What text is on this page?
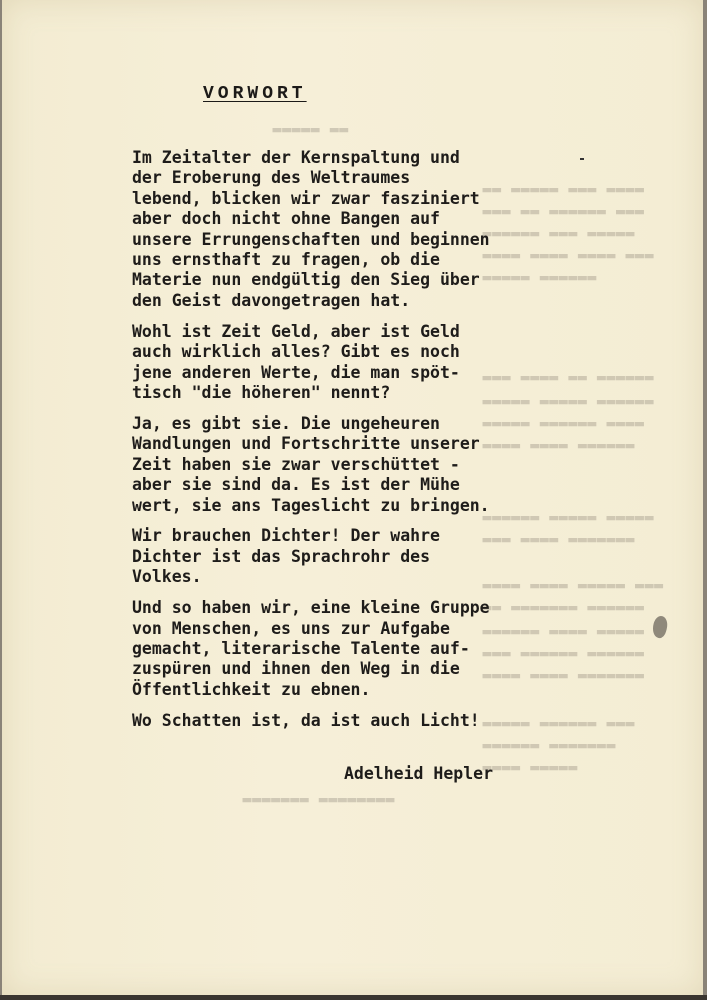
▬▬ ▬▬▬▬▬
▬▬▬▬ ▬▬▬ ▬▬▬▬▬ ▬▬
▬▬▬ ▬▬▬▬▬▬ ▬▬ ▬▬▬
▬▬▬▬▬ ▬▬▬ ▬▬▬▬▬▬
▬▬▬ ▬▬▬▬ ▬▬▬▬ ▬▬▬▬
▬▬▬▬▬▬ ▬▬▬▬▬
▬▬▬▬▬▬ ▬▬ ▬▬▬▬ ▬▬▬
▬▬▬▬▬▬ ▬▬▬▬▬ ▬▬▬▬▬
▬▬▬▬ ▬▬▬▬▬▬ ▬▬▬▬▬
▬▬▬▬▬▬ ▬▬▬▬ ▬▬▬▬
▬▬▬▬▬ ▬▬▬▬▬ ▬▬▬▬▬▬
▬▬▬▬▬▬▬ ▬▬▬▬ ▬▬▬
▬▬▬ ▬▬▬▬▬ ▬▬▬▬ ▬▬▬▬
▬▬▬▬▬▬ ▬▬▬▬▬▬▬ ▬▬
▬▬▬▬▬ ▬▬▬▬ ▬▬▬▬▬▬
▬▬▬▬▬▬ ▬▬▬▬▬▬ ▬▬▬
▬▬▬▬▬▬▬ ▬▬▬▬ ▬▬▬▬
▬▬▬ ▬▬▬▬▬▬ ▬▬▬▬▬
▬▬▬▬▬▬▬ ▬▬▬▬▬▬
▬▬▬▬▬ ▬▬▬▬
▬▬▬▬▬▬▬▬ ▬▬▬▬▬▬▬
VORWORT

Im Zeitalter der Kernspaltung und
der Eroberung des Weltraumes
lebend, blicken wir zwar fasziniert
aber doch nicht ohne Bangen auf
unsere Errungenschaften und beginnen
uns ernsthaft zu fragen, ob die
Materie nun endgültig den Sieg über
den Geist davongetragen hat.

Wohl ist Zeit Geld, aber ist Geld
auch wirklich alles? Gibt es noch
jene anderen Werte, die man spöt-
tisch "die höheren" nennt?

Ja, es gibt sie. Die ungeheuren
Wandlungen und Fortschritte unserer
Zeit haben sie zwar verschüttet -
aber sie sind da. Es ist der Mühe
wert, sie ans Tageslicht zu bringen.

Wir brauchen Dichter! Der wahre
Dichter ist das Sprachrohr des
Volkes.

Und so haben wir, eine kleine Gruppe
von Menschen, es uns zur Aufgabe
gemacht, literarische Talente auf-
zuspüren und ihnen den Weg in die
Öffentlichkeit zu ebnen.

Wo Schatten ist, da ist auch Licht!

Adelheid Hepler
